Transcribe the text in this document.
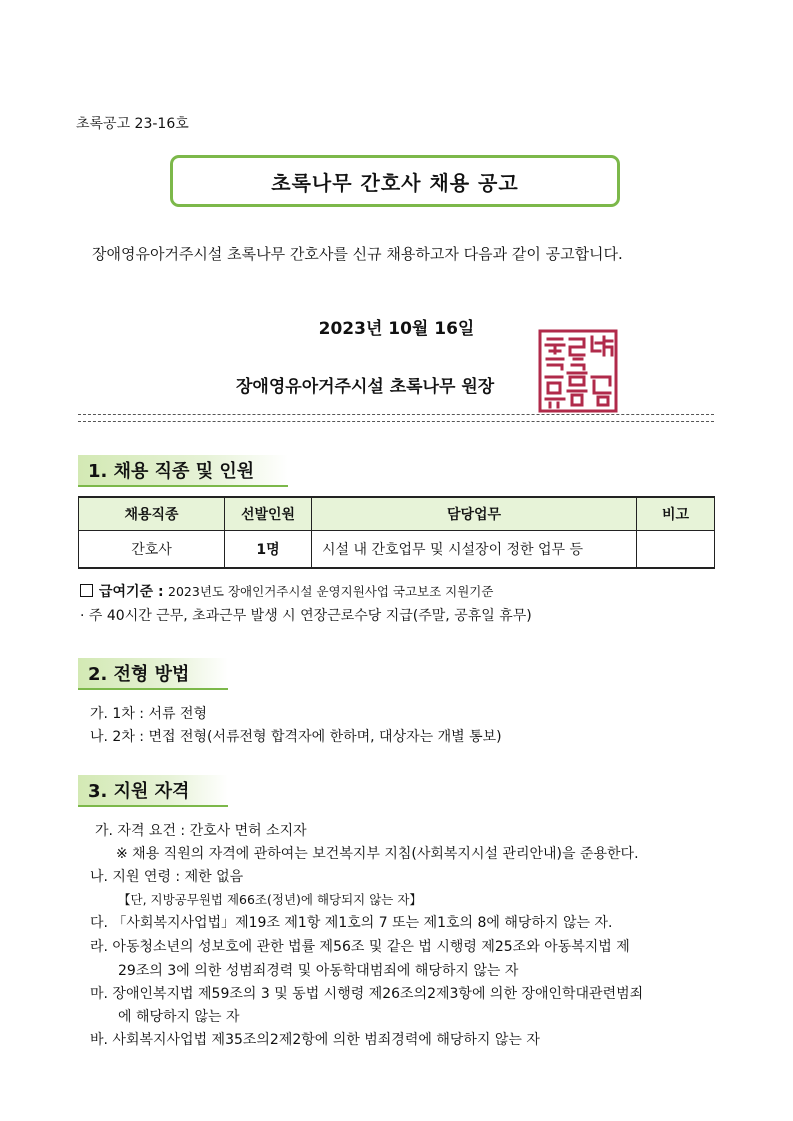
초록공고 23-16호
초록나무 간호사 채용 공고
장애영유아거주시설 초록나무 간호사를 신규 채용하고자 다음과 같이 공고합니다.
2023년 10월 16일
장애영유아거주시설 초록나무 원장
1. 채용 직종 및 인원
채용직종	선발인원	담당업무	비고
간호사	1명	시설 내 간호업무 및 시설장이 정한 업무 등	
급여기준 : 2023년도 장애인거주시설 운영지원사업 국고보조 지원기준
· 주 40시간 근무, 초과근무 발생 시 연장근로수당 지급(주말, 공휴일 휴무)
2. 전형 방법
가. 1차 : 서류 전형
나. 2차 : 면접 전형(서류전형 합격자에 한하며, 대상자는 개별 통보)
3. 지원 자격
가. 자격 요건 : 간호사 면허 소지자
※ 채용 직원의 자격에 관하여는 보건복지부 지침(사회복지시설 관리안내)을 준용한다.
나. 지원 연령 : 제한 없음
【단, 지방공무원법 제66조(정년)에 해당되지 않는 자】
다. 「사회복지사업법」제19조 제1항 제1호의 7 또는 제1호의 8에 해당하지 않는 자.
라. 아동청소년의 성보호에 관한 법률 제56조 및 같은 법 시행령 제25조와 아동복지법 제
29조의 3에 의한 성범죄경력 및 아동학대범죄에 해당하지 않는 자
마. 장애인복지법 제59조의 3 및 동법 시행령 제26조의2제3항에 의한 장애인학대관련범죄
에 해당하지 않는 자
바. 사회복지사업법 제35조의2제2항에 의한 범죄경력에 해당하지 않는 자
